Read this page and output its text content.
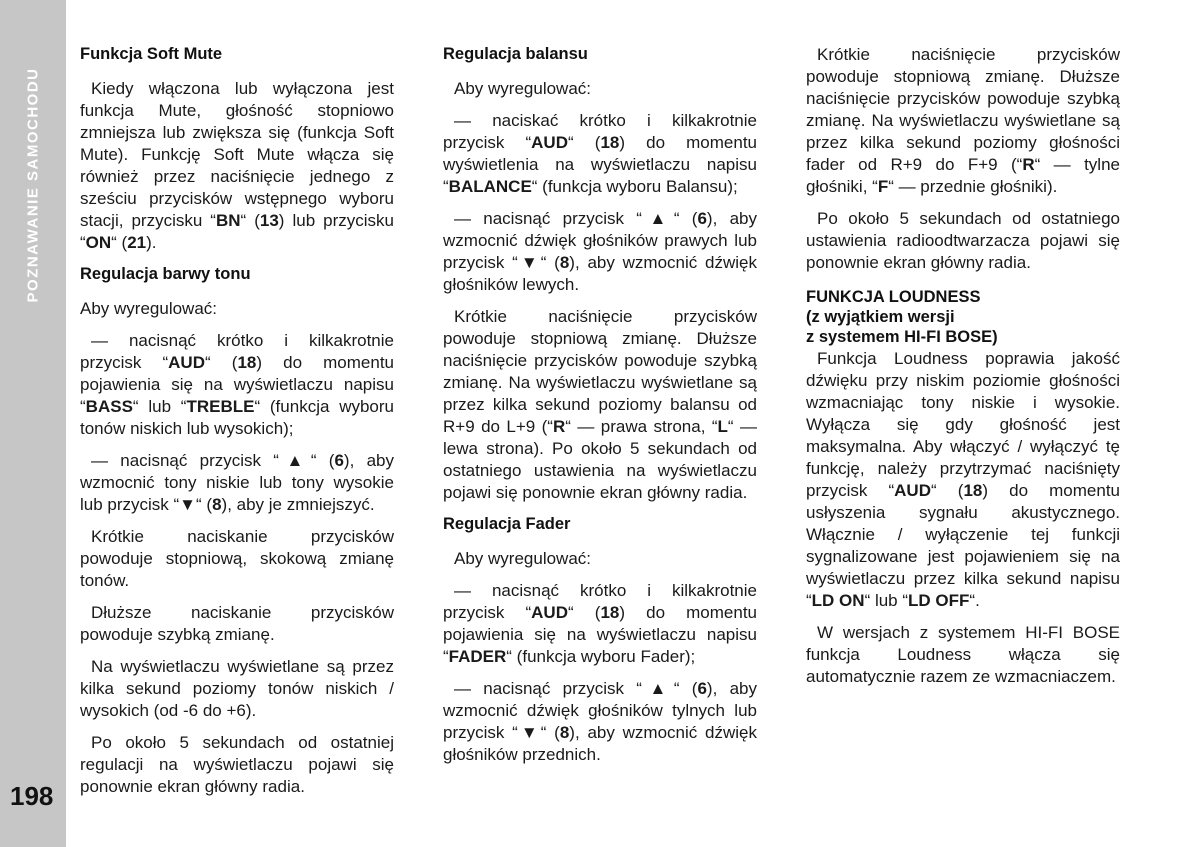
POZNAWANIE SAMOCHODU
198
Funkcja Soft Mute

Kiedy włączona lub wyłączona jest funkcja Mute, głośność stopniowo zmniejsza lub zwiększa się (funkcja Soft Mute). Funkcję Soft Mute włącza się również przez naciśnięcie jednego z sześciu przycisków wstępnego wyboru stacji, przycisku “BN“ (13) lub przycisku “ON“ (21).

Regulacja barwy tonu

Aby wyregulować:

— nacisnąć krótko i kilkakrotnie przycisk “AUD“ (18) do momentu pojawienia się na wyświetlaczu napisu “BASS“ lub “TREBLE“ (funkcja wyboru tonów niskich lub wysokich);

— nacisnąć przycisk “▲“ (6), aby wzmocnić tony niskie lub tony wysokie lub przycisk “▼“ (8), aby je zmniejszyć.

Krótkie naciskanie przycisków powoduje stopniową, skokową zmianę tonów.

Dłuższe naciskanie przycisków powoduje szybką zmianę.

Na wyświetlaczu wyświetlane są przez kilka sekund poziomy tonów niskich / wysokich (od -6 do +6).

Po około 5 sekundach od ostatniej regulacji na wyświetlaczu pojawi się ponownie ekran główny radia.

Regulacja balansu

Aby wyregulować:

— naciskać krótko i kilkakrotnie przycisk “AUD“ (18) do momentu wyświetlenia na wyświetlaczu napisu “BALANCE“ (funkcja wyboru Balansu);

— nacisnąć przycisk “▲“ (6), aby wzmocnić dźwięk głośników prawych lub przycisk “▼“ (8), aby wzmocnić dźwięk głośników lewych.

Krótkie naciśnięcie przycisków powoduje stopniową zmianę. Dłuższe naciśnięcie przycisków powoduje szybką zmianę. Na wyświetlaczu wyświetlane są przez kilka sekund poziomy balansu od R+9 do L+9 (“R“ — prawa strona, “L“ — lewa strona). Po około 5 sekundach od ostatniego ustawienia na wyświetlaczu pojawi się ponownie ekran główny radia.

Regulacja Fader

Aby wyregulować:

— nacisnąć krótko i kilkakrotnie przycisk “AUD“ (18) do momentu pojawienia się na wyświetlaczu napisu “FADER“ (funkcja wyboru Fader);

— nacisnąć przycisk “▲“ (6), aby wzmocnić dźwięk głośników tylnych lub przycisk “▼“ (8), aby wzmocnić dźwięk głośników przednich.

Krótkie naciśnięcie przycisków powoduje stopniową zmianę. Dłuższe naciśnięcie przycisków powoduje szybką zmianę. Na wyświetlaczu wyświetlane są przez kilka sekund poziomy głośności fader od R+9 do F+9 (“R“ — tylne głośniki, “F“ — przednie głośniki).

Po około 5 sekundach od ostatniego ustawienia radioodtwarzacza pojawi się ponownie ekran główny radia.

FUNKCJA LOUDNESS
(z wyjątkiem wersji
z systemem HI-FI BOSE)

Funkcja Loudness poprawia jakość dźwięku przy niskim poziomie głośności wzmacniając tony niskie i wysokie. Wyłącza się gdy głośność jest maksymalna. Aby włączyć / wyłączyć tę funkcję, należy przytrzymać naciśnięty przycisk “AUD“ (18) do momentu usłyszenia sygnału akustycznego. Włącznie / wyłączenie tej funkcji sygnalizowane jest pojawieniem się na wyświetlaczu przez kilka sekund napisu “LD ON“ lub “LD OFF“.

W wersjach z systemem HI-FI BOSE funkcja Loudness włącza się automatycznie razem ze wzmacniaczem.
